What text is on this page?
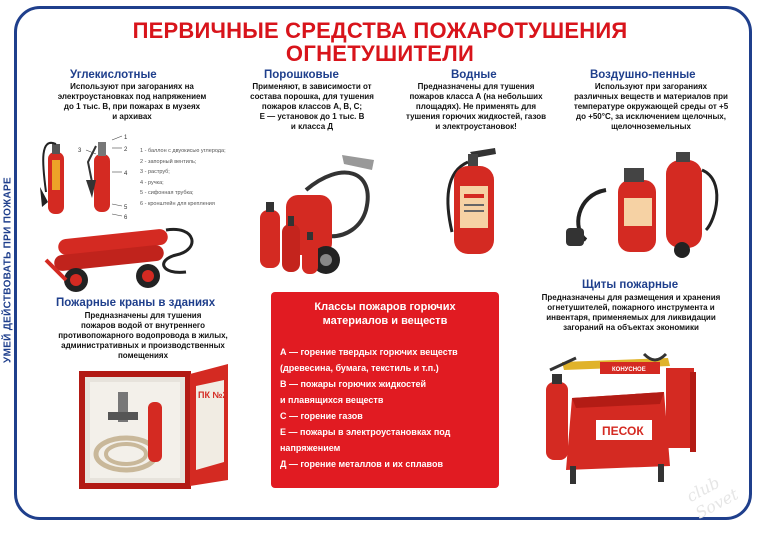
УМЕЙ ДЕЙСТВОВАТЬ ПРИ ПОЖАРЕ
ПЕРВИЧНЫЕ СРЕДСТВА ПОЖАРОТУШЕНИЯ
ОГНЕТУШИТЕЛИ
Углекислотные
Используют при загораниях на
электроустановках под напряжением
до 1 тыс. В, при пожарах в музеях
и архивах
1
2
3
4
5
6
1 - баллон с двуокисью углерода;
2 - запорный вентиль;
3 - раструб;
4 - ручка;
5 - сифонная трубка;
6 - кронштейн для крепления
Порошковые
Применяют, в зависимости от
состава порошка, для тушения
пожаров классов А, В, С;
Е — установок до 1 тыс. В
и класса Д
Водные
Предназначены для тушения
пожаров класса А (на небольших
площадях). Не применять для
тушения горючих жидкостей, газов
и электроустановок!
Воздушно-пенные
Используют при загораниях
различных веществ и материалов при
температуре окружающей среды от +5
до +50°С, за исключением щелочных,
щелочноземельных
Пожарные краны в зданиях
Предназначены для тушения
пожаров водой от внутреннего
противопожарного водопровода в жилых,
административных и производственных
помещениях
ПК №2
Классы пожаров горючих
материалов и веществ
А — горение твердых горючих веществ
(древесина, бумага, текстиль и т.п.)
В — пожары горючих жидкостей
и плавящихся веществ
С — горение газов
Е — пожары в электроустановках под
напряжением
Д — горение металлов и их сплавов
Щиты пожарные
Предназначены для размещения и хранения
огнетушителей, пожарного инструмента и
инвентаря, применяемых для ликвидации
загораний на объектах экономики
КОНУСНОЕ
ПЕСОК
club Sovet
